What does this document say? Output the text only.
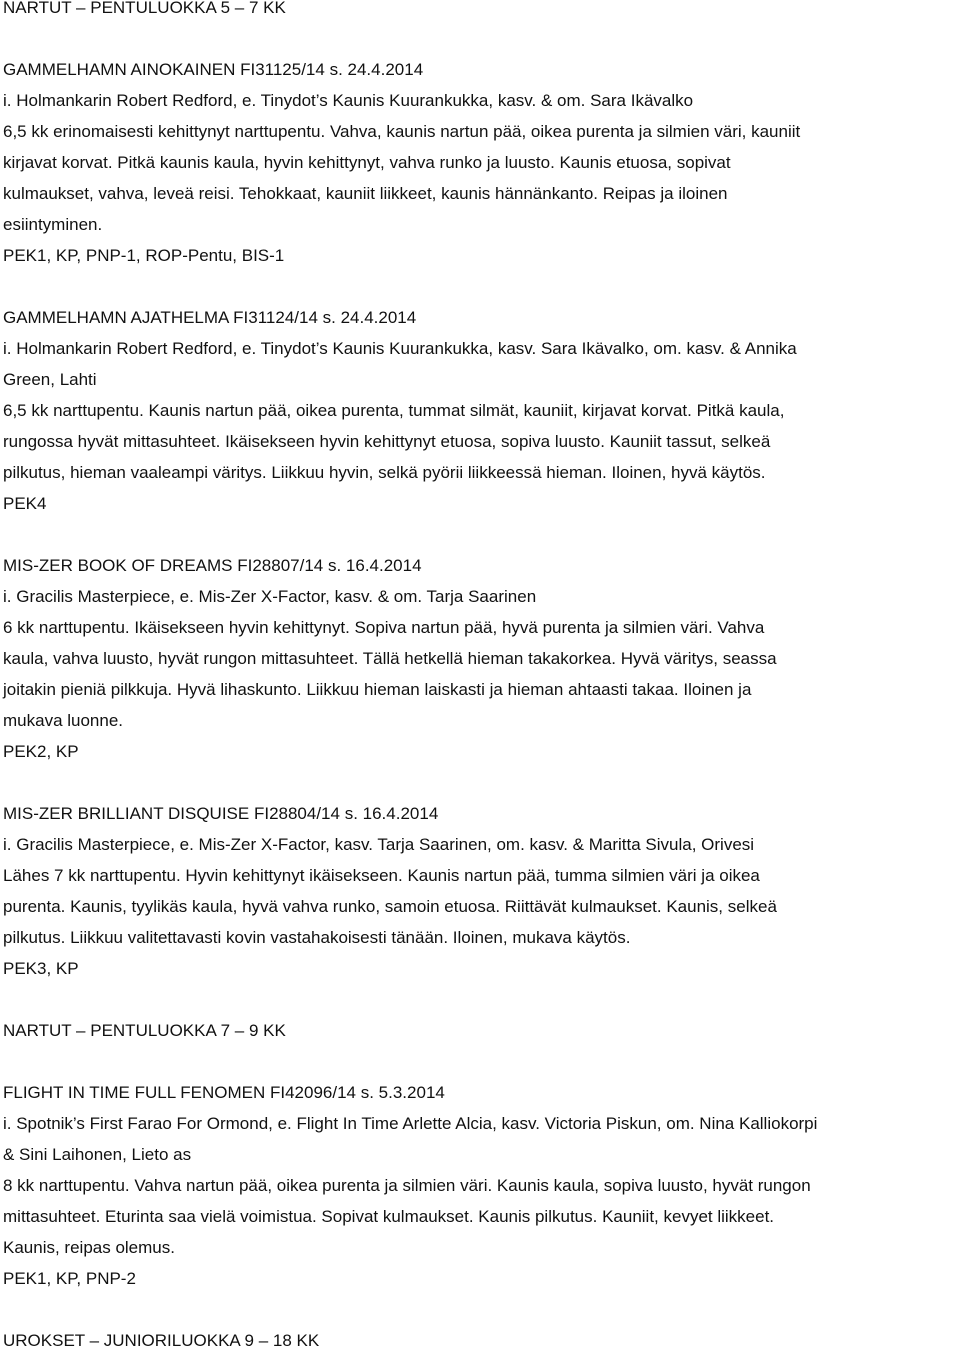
NARTUT – PENTULUOKKA 5 – 7 KK
GAMMELHAMN AINOKAINEN FI31125/14 s. 24.4.2014
i. Holmankarin Robert Redford, e. Tinydot’s Kaunis Kuurankukka, kasv. & om. Sara Ikävalko
6,5 kk erinomaisesti kehittynyt narttupentu. Vahva, kaunis nartun pää, oikea purenta ja silmien väri, kauniit
kirjavat korvat. Pitkä kaunis kaula, hyvin kehittynyt, vahva runko ja luusto. Kaunis etuosa, sopivat
kulmaukset, vahva, leveä reisi. Tehokkaat, kauniit liikkeet, kaunis hännänkanto. Reipas ja iloinen
esiintyminen.
PEK1, KP, PNP-1, ROP-Pentu, BIS-1
GAMMELHAMN AJATHELMA FI31124/14 s. 24.4.2014
i. Holmankarin Robert Redford, e. Tinydot’s Kaunis Kuurankukka, kasv. Sara Ikävalko, om. kasv. & Annika
Green, Lahti
6,5 kk narttupentu. Kaunis nartun pää, oikea purenta, tummat silmät, kauniit, kirjavat korvat. Pitkä kaula,
rungossa hyvät mittasuhteet. Ikäisekseen hyvin kehittynyt etuosa, sopiva luusto. Kauniit tassut, selkeä
pilkutus, hieman vaaleampi väritys. Liikkuu hyvin, selkä pyörii liikkeessä hieman. Iloinen, hyvä käytös.
PEK4
MIS-ZER BOOK OF DREAMS FI28807/14 s. 16.4.2014
i. Gracilis Masterpiece, e. Mis-Zer X-Factor, kasv. & om. Tarja Saarinen
6 kk narttupentu. Ikäisekseen hyvin kehittynyt. Sopiva nartun pää, hyvä purenta ja silmien väri. Vahva
kaula, vahva luusto, hyvät rungon mittasuhteet. Tällä hetkellä hieman takakorkea. Hyvä väritys, seassa
joitakin pieniä pilkkuja. Hyvä lihaskunto. Liikkuu hieman laiskasti ja hieman ahtaasti takaa. Iloinen ja
mukava luonne.
PEK2, KP
MIS-ZER BRILLIANT DISQUISE FI28804/14 s. 16.4.2014
i. Gracilis Masterpiece, e. Mis-Zer X-Factor, kasv. Tarja Saarinen, om. kasv. & Maritta Sivula, Orivesi
Lähes 7 kk narttupentu. Hyvin kehittynyt ikäisekseen. Kaunis nartun pää, tumma silmien väri ja oikea
purenta. Kaunis, tyylikäs kaula, hyvä vahva runko, samoin etuosa. Riittävät kulmaukset. Kaunis, selkeä
pilkutus. Liikkuu valitettavasti kovin vastahakoisesti tänään. Iloinen, mukava käytös.
PEK3, KP
NARTUT – PENTULUOKKA 7 – 9 KK
FLIGHT IN TIME FULL FENOMEN FI42096/14 s. 5.3.2014
i. Spotnik’s First Farao For Ormond, e. Flight In Time Arlette Alcia, kasv. Victoria Piskun, om. Nina Kalliokorpi
& Sini Laihonen, Lieto as
8 kk narttupentu. Vahva nartun pää, oikea purenta ja silmien väri. Kaunis kaula, sopiva luusto, hyvät rungon
mittasuhteet. Eturinta saa vielä voimistua. Sopivat kulmaukset. Kaunis pilkutus. Kauniit, kevyet liikkeet.
Kaunis, reipas olemus.
PEK1, KP, PNP-2
UROKSET – JUNIORILUOKKA 9 – 18 KK
